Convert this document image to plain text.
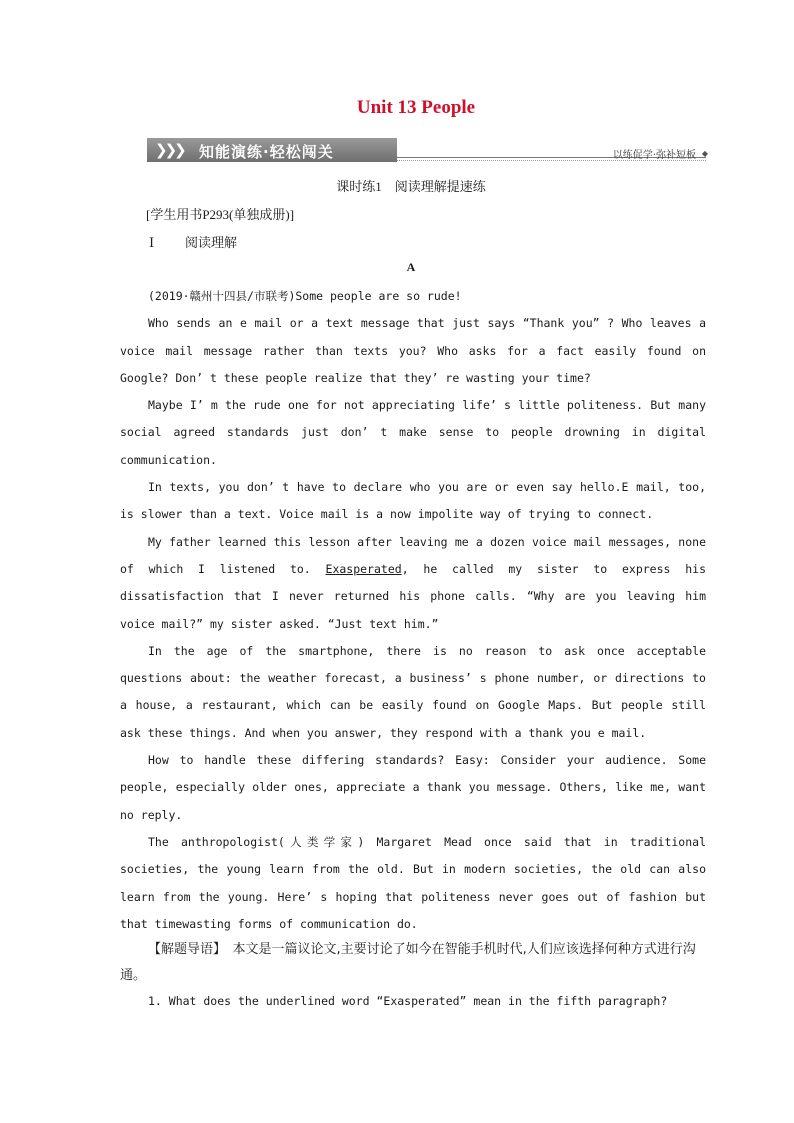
Unit 13 People
❯❯❯ 知能演练·轻松闯关	以练促学·弥补短板 ◆
课时练1　阅读理解提速练
[学生用书P293(单独成册)]
Ⅰ 阅读理解
A

(2019·赣州十四县/市联考)Some people are so rude!

Who sends an e mail or a text message that just says “Thank you” ? Who leaves a voice mail message rather than texts you? Who asks for a fact easily found on Google? Don’ t these people realize that they’ re wasting your time?

Maybe I’ m the rude one for not appreciating life’ s little politeness. But many social agreed standards just don’ t make sense to people drowning in digital communication.

In texts, you don’ t have to declare who you are or even say hello.E mail, too, is slower than a text. Voice mail is a now impolite way of trying to connect.

My father learned this lesson after leaving me a dozen voice mail messages, none of which I listened to. Exasperated, he called my sister to express his dissatisfaction that I never returned his phone calls. “Why are you leaving him voice mail?” my sister asked. “Just text him.”

In the age of the smartphone, there is no reason to ask once acceptable questions about: the weather forecast, a business’ s phone number, or directions to a house, a restaurant, which can be easily found on Google Maps. But people still ask these things. And when you answer, they respond with a thank you e mail.

How to handle these differing standards? Easy: Consider your audience. Some people, especially older ones, appreciate a thank you message. Others, like me, want no reply.

The anthropologist(人类学家) Margaret Mead once said that in traditional societies, the young learn from the old. But in modern societies, the old can also learn from the young. Here’ s hoping that politeness never goes out of fashion but that timewasting forms of communication do.

【解题导语】　本文是一篇议论文,主要讨论了如今在智能手机时代,人们应该选择何种方式进行沟通。
1. What does the underlined word “Exasperated” mean in the fifth paragraph?
